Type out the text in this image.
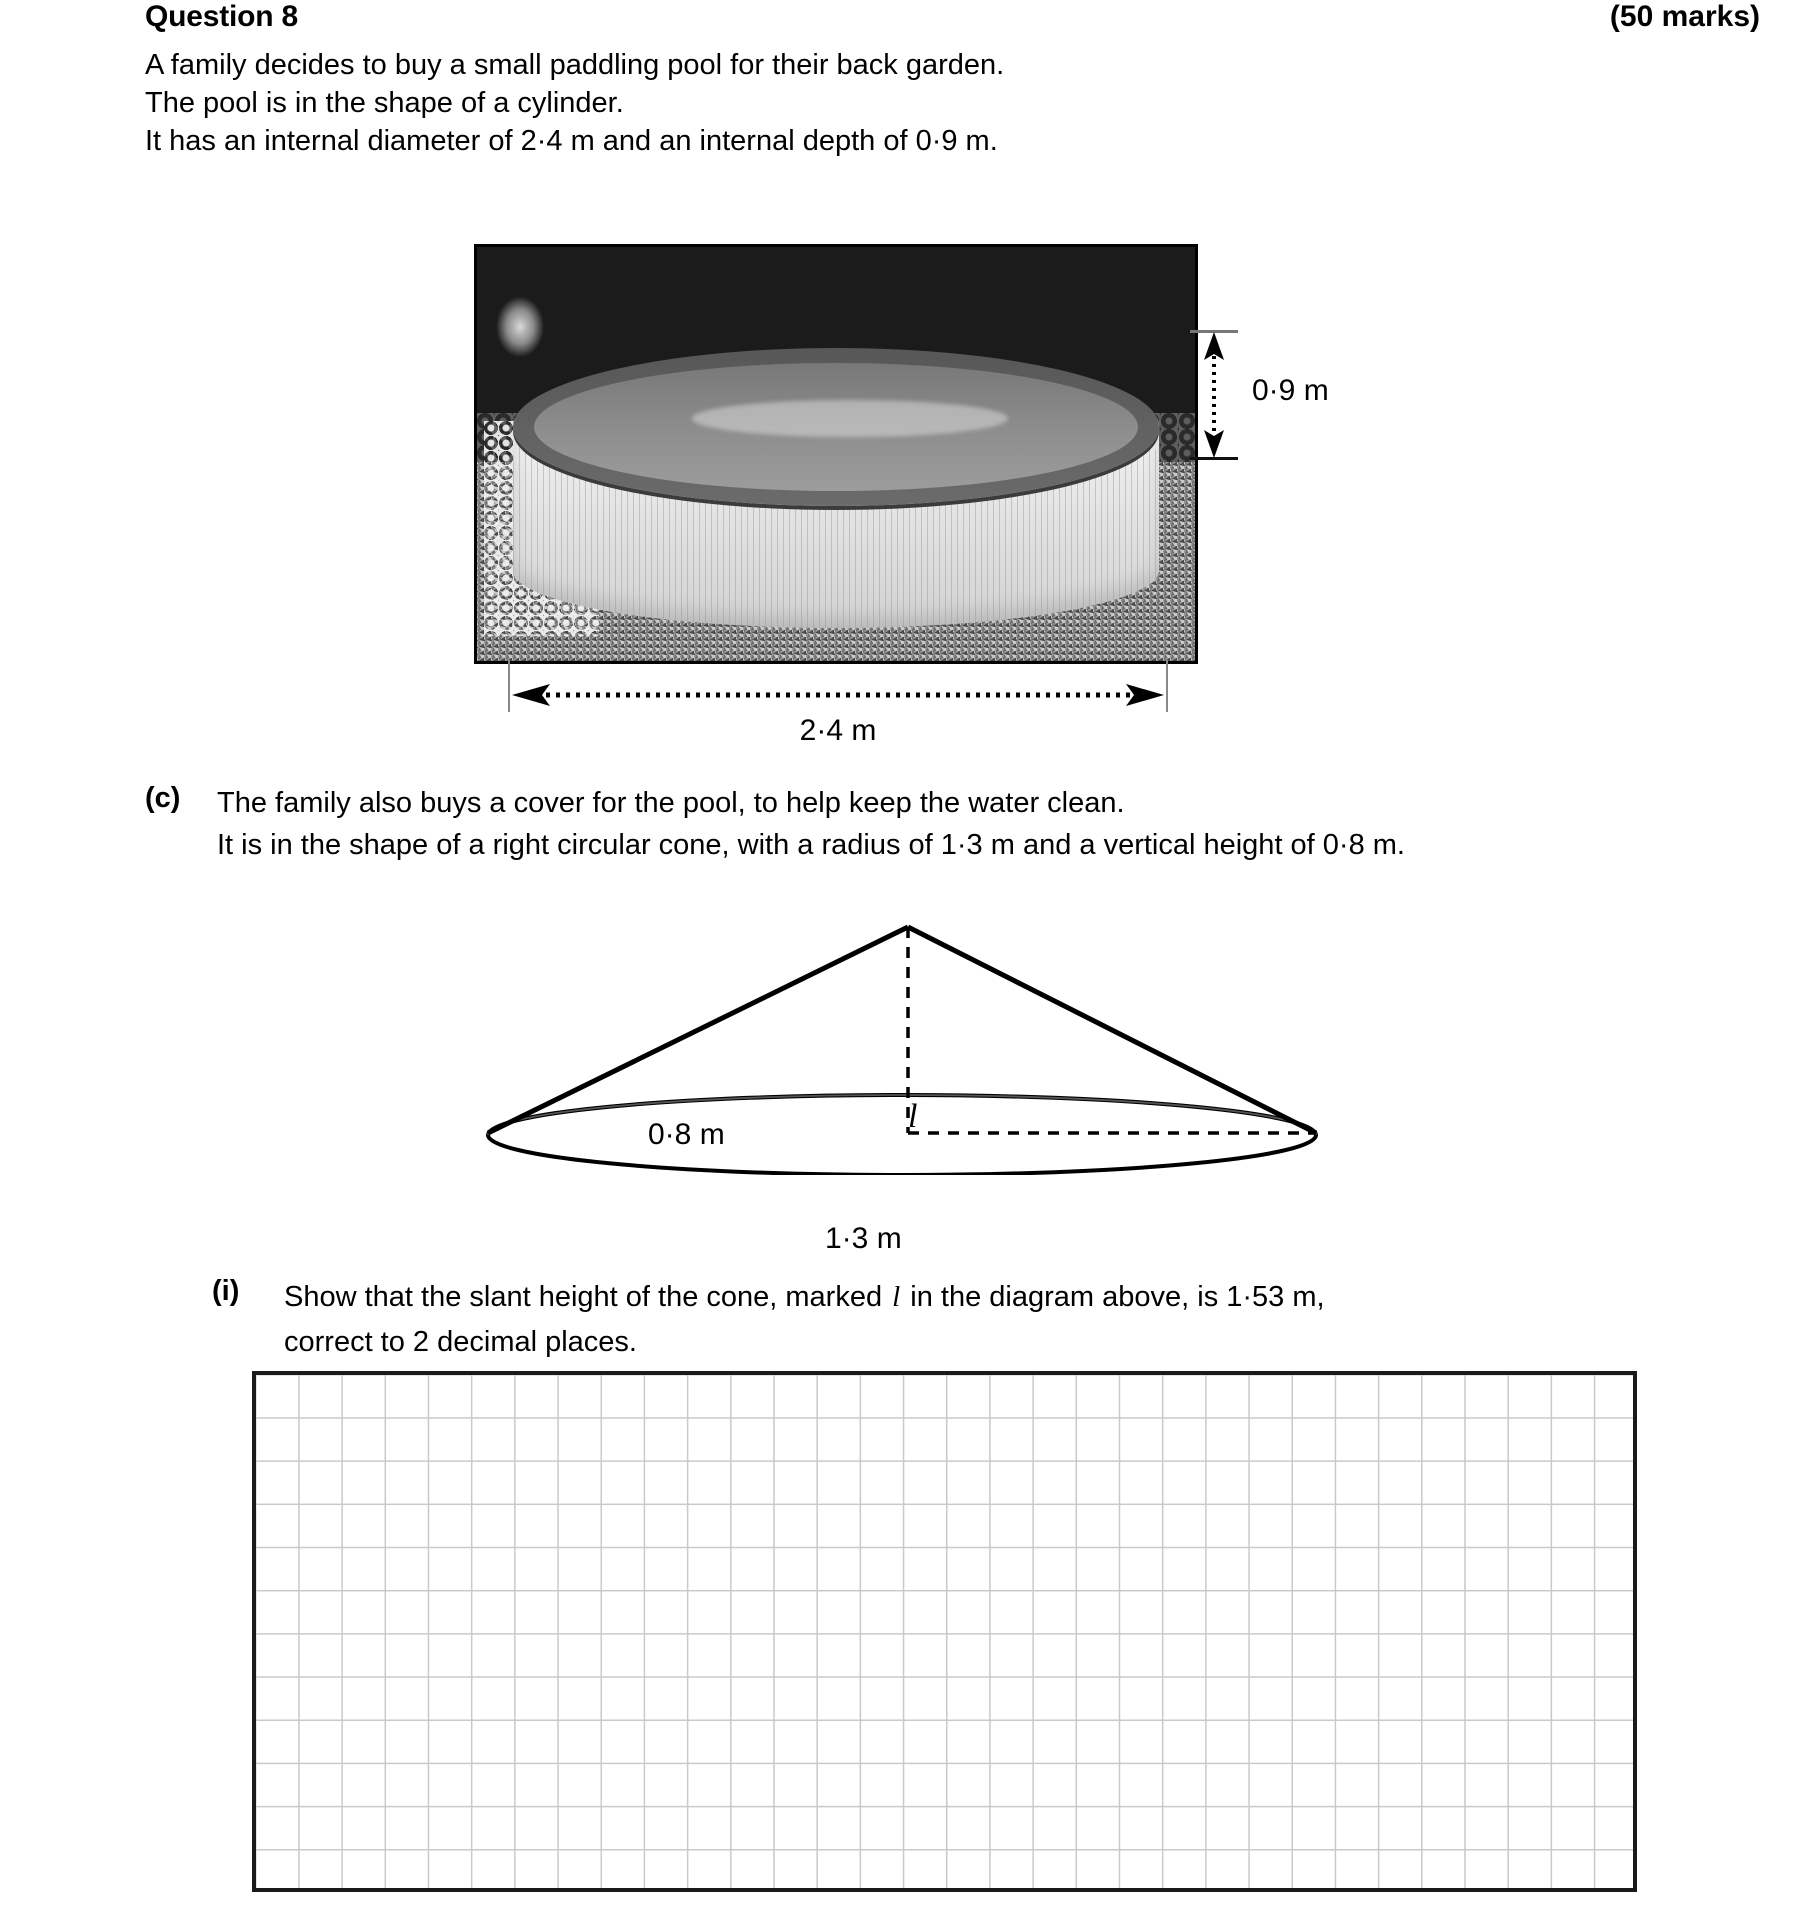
Question 8	(50 marks)
A family decides to buy a small paddling pool for their back garden.
The pool is in the shape of a cylinder.
It has an internal diameter of 2·4 m and an internal depth of 0·9 m.
0·9 m
2·4 m
(c) The family also buys a cover for the pool, to help keep the water clean.
It is in the shape of a right circular cone, with a radius of 1·3 m and a vertical height of 0·8 m.
0·8 m
1·3 m
l
(i) Show that the slant height of the cone, marked l in the diagram above, is 1·53 m,
correct to 2 decimal places.
